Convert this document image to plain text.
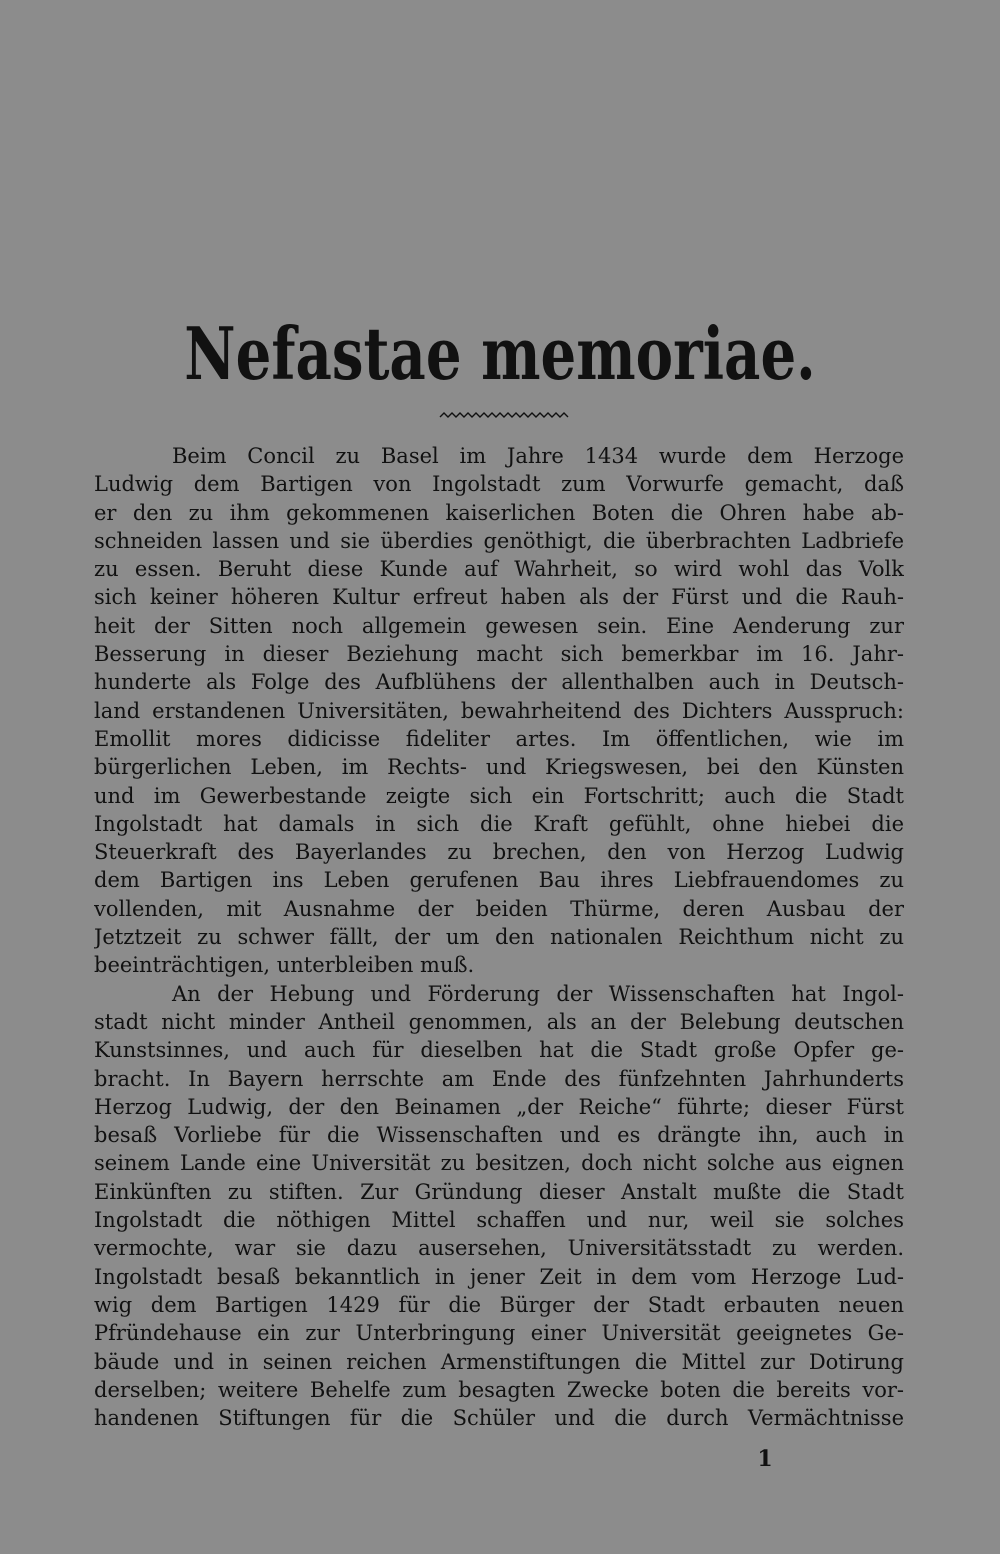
Nefastae memoriae.
Beim Concil zu Basel im Jahre 1434 wurde dem Herzoge
Ludwig dem Bartigen von Ingolstadt zum Vorwurfe gemacht, daß
er den zu ihm gekommenen kaiserlichen Boten die Ohren habe ab-
schneiden lassen und sie überdies genöthigt, die überbrachten Ladbriefe
zu essen. Beruht diese Kunde auf Wahrheit, so wird wohl das Volk
sich keiner höheren Kultur erfreut haben als der Fürst und die Rauh-
heit der Sitten noch allgemein gewesen sein. Eine Aenderung zur
Besserung in dieser Beziehung macht sich bemerkbar im 16. Jahr-
hunderte als Folge des Aufblühens der allenthalben auch in Deutsch-
land erstandenen Universitäten, bewahrheitend des Dichters Ausspruch:
Emollit mores didicisse fideliter artes. Im öffentlichen, wie im
bürgerlichen Leben, im Rechts- und Kriegswesen, bei den Künsten
und im Gewerbestande zeigte sich ein Fortschritt; auch die Stadt
Ingolstadt hat damals in sich die Kraft gefühlt, ohne hiebei die
Steuerkraft des Bayerlandes zu brechen, den von Herzog Ludwig
dem Bartigen ins Leben gerufenen Bau ihres Liebfrauendomes zu
vollenden, mit Ausnahme der beiden Thürme, deren Ausbau der
Jetztzeit zu schwer fällt, der um den nationalen Reichthum nicht zu
beeinträchtigen, unterbleiben muß.
An der Hebung und Förderung der Wissenschaften hat Ingol-
stadt nicht minder Antheil genommen, als an der Belebung deutschen
Kunstsinnes, und auch für dieselben hat die Stadt große Opfer ge-
bracht. In Bayern herrschte am Ende des fünfzehnten Jahrhunderts
Herzog Ludwig, der den Beinamen „der Reiche“ führte; dieser Fürst
besaß Vorliebe für die Wissenschaften und es drängte ihn, auch in
seinem Lande eine Universität zu besitzen, doch nicht solche aus eignen
Einkünften zu stiften. Zur Gründung dieser Anstalt mußte die Stadt
Ingolstadt die nöthigen Mittel schaffen und nur, weil sie solches
vermochte, war sie dazu ausersehen, Universitätsstadt zu werden.
Ingolstadt besaß bekanntlich in jener Zeit in dem vom Herzoge Lud-
wig dem Bartigen 1429 für die Bürger der Stadt erbauten neuen
Pfründehause ein zur Unterbringung einer Universität geeignetes Ge-
bäude und in seinen reichen Armenstiftungen die Mittel zur Dotirung
derselben; weitere Behelfe zum besagten Zwecke boten die bereits vor-
handenen Stiftungen für die Schüler und die durch Vermächtnisse
1
